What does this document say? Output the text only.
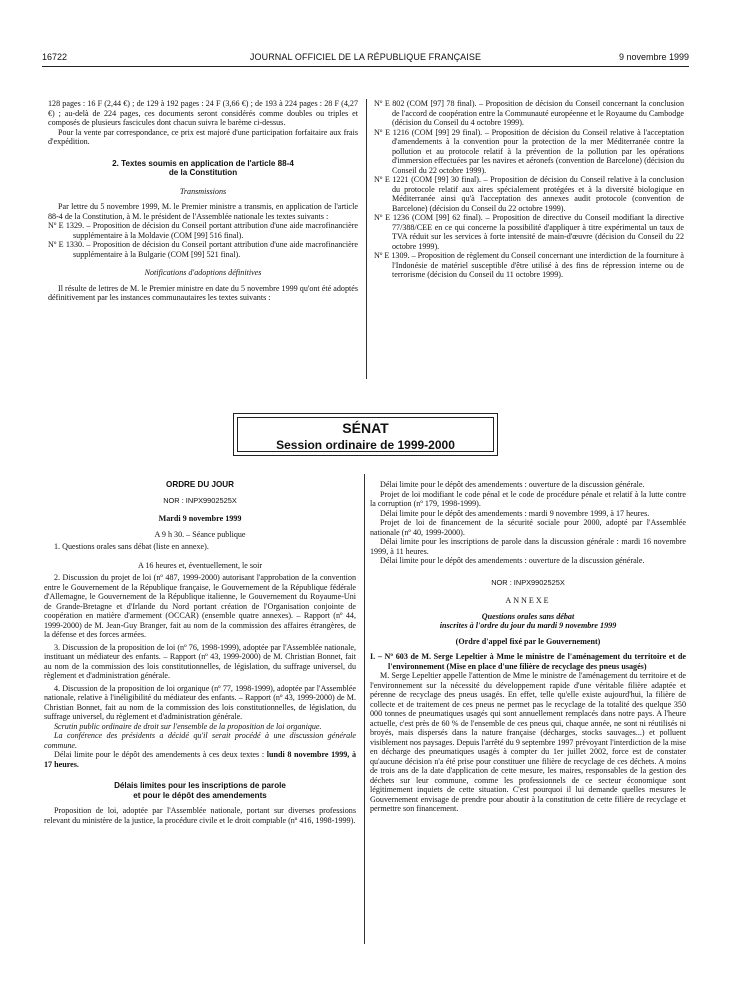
16722	JOURNAL OFFICIEL DE LA RÉPUBLIQUE FRANÇAISE	9 novembre 1999

128 pages : 16 F (2,44 €) ; de 129 à 192 pages : 24 F (3,66 €) ; de 193 à 224 pages : 28 F (4,27 €) ; au-delà de 224 pages, ces documents seront considérés comme doubles ou triples et composés de plusieurs fascicules dont chacun suivra le barème ci-dessus.

Pour la vente par correspondance, ce prix est majoré d'une participation forfaitaire aux frais d'expédition.

2. Textes soumis en application de l'article 88-4

de la Constitution

Transmissions

Par lettre du 5 novembre 1999, M. le Premier ministre a transmis, en application de l'article 88-4 de la Constitution, à M. le président de l'Assemblée nationale les textes suivants :

Nº E 1329. – Proposition de décision du Conseil portant attribution d'une aide macrofinancière supplémentaire à la Moldavie (COM [99] 516 final).

Nº E 1330. – Proposition de décision du Conseil portant attribution d'une aide macrofinancière supplémentaire à la Bulgarie (COM [99] 521 final).

Notifications d'adoptions définitives

Il résulte de lettres de M. le Premier ministre en date du 5 novembre 1999 qu'ont été adoptés définitivement par les instances communautaires les textes suivants :

Nº E 802 (COM [97] 78 final). – Proposition de décision du Conseil concernant la conclusion de l'accord de coopération entre la Communauté européenne et le Royaume du Cambodge (décision du Conseil du 4 octobre 1999).

Nº E 1216 (COM [99] 29 final). – Proposition de décision du Conseil relative à l'acceptation d'amendements à la convention pour la protection de la mer Méditerranée contre la pollution et au protocole relatif à la prévention de la pollution par les opérations d'immersion effectuées par les navires et aéronefs (convention de Barcelone) (décision du Conseil du 22 octobre 1999).

Nº E 1221 (COM [99] 30 final). – Proposition de décision du Conseil relative à la conclusion du protocole relatif aux aires spécialement protégées et à la diversité biologique en Méditerranée ainsi qu'à l'acceptation des annexes audit protocole (convention de Barcelone) (décision du Conseil du 22 octobre 1999).

Nº E 1236 (COM [99] 62 final). – Proposition de directive du Conseil modifiant la directive 77/388/CEE en ce qui concerne la possibilité d'appliquer à titre expérimental un taux de TVA réduit sur les services à forte intensité de main-d'œuvre (décision du Conseil du 22 octobre 1999).

Nº E 1309. – Proposition de règlement du Conseil concernant une interdiction de la fourniture à l'Indonésie de matériel susceptible d'être utilisé à des fins de répression interne ou de terrorisme (décision du Conseil du 11 octobre 1999).

SÉNAT
Session ordinaire de 1999-2000

ORDRE DU JOUR

NOR : INPX9902525X

Mardi 9 novembre 1999

A 9 h 30. – Séance publique

1. Questions orales sans débat (liste en annexe).

A 16 heures et, éventuellement, le soir

2. Discussion du projet de loi (nº 487, 1999-2000) autorisant l'approbation de la convention entre le Gouvernement de la République française, le Gouvernement de la République fédérale d'Allemagne, le Gouvernement de la République italienne, le Gouvernement du Royaume-Uni de Grande-Bretagne et d'Irlande du Nord portant création de l'Organisation conjointe de coopération en matière d'armement (OCCAR) (ensemble quatre annexes). – Rapport (nº 44, 1999-2000) de M. Jean-Guy Branger, fait au nom de la commission des affaires étrangères, de la défense et des forces armées.

3. Discussion de la proposition de loi (nº 76, 1998-1999), adoptée par l'Assemblée nationale, instituant un médiateur des enfants. – Rapport (nº 43, 1999-2000) de M. Christian Bonnet, fait au nom de la commission des lois constitutionnelles, de législation, du suffrage universel, du règlement et d'administration générale.

4. Discussion de la proposition de loi organique (nº 77, 1998-1999), adoptée par l'Assemblée nationale, relative à l'inéligibilité du médiateur des enfants. – Rapport (nº 43, 1999-2000) de M. Christian Bonnet, fait au nom de la commission des lois constitutionnelles, de législation, du suffrage universel, du règlement et d'administration générale.

Scrutin public ordinaire de droit sur l'ensemble de la proposition de loi organique.

La conférence des présidents a décidé qu'il serait procédé à une discussion générale commune.

Délai limite pour le dépôt des amendements à ces deux textes : lundi 8 novembre 1999, à 17 heures.

Délais limites pour les inscriptions de parole

et pour le dépôt des amendements

Proposition de loi, adoptée par l'Assemblée nationale, portant sur diverses professions relevant du ministère de la justice, la procédure civile et le droit comptable (nº 416, 1998-1999).

Délai limite pour le dépôt des amendements : ouverture de la discussion générale.

Projet de loi modifiant le code pénal et le code de procédure pénale et relatif à la lutte contre la corruption (nº 179, 1998-1999).

Délai limite pour le dépôt des amendements : mardi 9 novembre 1999, à 17 heures.

Projet de loi de financement de la sécurité sociale pour 2000, adopté par l'Assemblée nationale (nº 40, 1999-2000).

Délai limite pour les inscriptions de parole dans la discussion générale : mardi 16 novembre 1999, à 11 heures.

Délai limite pour le dépôt des amendements : ouverture de la discussion générale.

NOR : INPX9902525X

ANNEXE

Questions orales sans débat

inscrites à l'ordre du jour du mardi 9 novembre 1999

(Ordre d'appel fixé par le Gouvernement)

I. – Nº 603 de M. Serge Lepeltier à Mme le ministre de l'aménagement du territoire et de l'environnement (Mise en place d'une filière de recyclage des pneus usagés)

M. Serge Lepeltier appelle l'attention de Mme le ministre de l'aménagement du territoire et de l'environnement sur la nécessité du développement rapide d'une véritable filière adaptée et pérenne de recyclage des pneus usagés. En effet, telle qu'elle existe aujourd'hui, la filière de collecte et de traitement de ces pneus ne permet pas le recyclage de la totalité des quelque 350 000 tonnes de pneumatiques usagés qui sont annuellement remplacés dans notre pays. A l'heure actuelle, c'est près de 60 % de l'ensemble de ces pneus qui, chaque année, ne sont ni réutilisés ni broyés, mais dispersés dans la nature française (décharges, stocks sauvages...) et polluent visiblement nos paysages. Depuis l'arrêté du 9 septembre 1997 prévoyant l'interdiction de la mise en décharge des pneumatiques usagés à compter du 1er juillet 2002, force est de constater qu'aucune décision n'a été prise pour constituer une filière de recyclage de ces déchets. A moins de trois ans de la date d'application de cette mesure, les maires, responsables de la gestion des déchets sur leur commune, comme les professionnels de ce secteur économique sont légitimement inquiets de cette situation. C'est pourquoi il lui demande quelles mesures le Gouvernement envisage de prendre pour aboutir à la constitution de cette filière de recyclage et permettre son financement.
